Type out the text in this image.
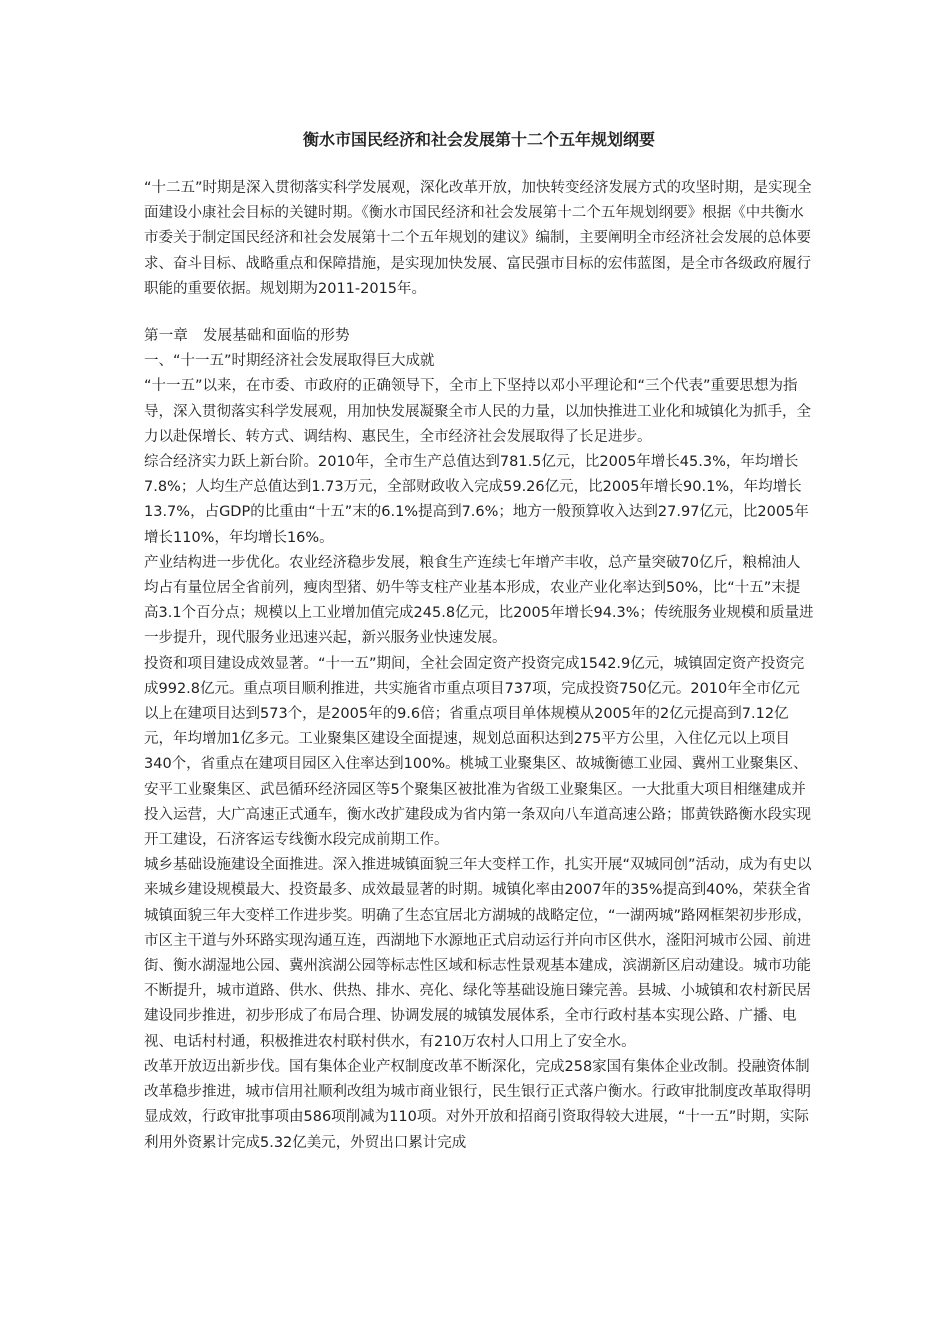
衡水市国民经济和社会发展第十二个五年规划纲要

“十二五”时期是深入贯彻落实科学发展观，深化改革开放，加快转变经济发展方式的攻坚时期，是实现全面建设小康社会目标的关键时期。《衡水市国民经济和社会发展第十二个五年规划纲要》根据《中共衡水市委关于制定国民经济和社会发展第十二个五年规划的建议》编制，主要阐明全市经济社会发展的总体要求、奋斗目标、战略重点和保障措施，是实现加快发展、富民强市目标的宏伟蓝图，是全市各级政府履行职能的重要依据。规划期为2011-2015年。

第一章　发展基础和面临的形势

一、“十一五”时期经济社会发展取得巨大成就

“十一五”以来，在市委、市政府的正确领导下，全市上下坚持以邓小平理论和“三个代表”重要思想为指导，深入贯彻落实科学发展观，用加快发展凝聚全市人民的力量，以加快推进工业化和城镇化为抓手，全力以赴保增长、转方式、调结构、惠民生，全市经济社会发展取得了长足进步。

综合经济实力跃上新台阶。2010年，全市生产总值达到781.5亿元，比2005年增长45.3%，年均增长7.8%；人均生产总值达到1.73万元，全部财政收入完成59.26亿元，比2005年增长90.1%，年均增长13.7%，占GDP的比重由“十五”末的6.1%提高到7.6%；地方一般预算收入达到27.97亿元，比2005年增长110%，年均增长16%。

产业结构进一步优化。农业经济稳步发展，粮食生产连续七年增产丰收，总产量突破70亿斤，粮棉油人均占有量位居全省前列，瘦肉型猪、奶牛等支柱产业基本形成，农业产业化率达到50%，比“十五”末提高3.1个百分点；规模以上工业增加值完成245.8亿元，比2005年增长94.3%；传统服务业规模和质量进一步提升，现代服务业迅速兴起，新兴服务业快速发展。

投资和项目建设成效显著。“十一五”期间，全社会固定资产投资完成1542.9亿元，城镇固定资产投资完成992.8亿元。重点项目顺利推进，共实施省市重点项目737项，完成投资750亿元。2010年全市亿元以上在建项目达到573个，是2005年的9.6倍；省重点项目单体规模从2005年的2亿元提高到7.12亿元，年均增加1亿多元。工业聚集区建设全面提速，规划总面积达到275平方公里，入住亿元以上项目340个，省重点在建项目园区入住率达到100%。桃城工业聚集区、故城衡德工业园、冀州工业聚集区、安平工业聚集区、武邑循环经济园区等5个聚集区被批准为省级工业聚集区。一大批重大项目相继建成并投入运营，大广高速正式通车，衡水改扩建段成为省内第一条双向八车道高速公路；邯黄铁路衡水段实现开工建设，石济客运专线衡水段完成前期工作。

城乡基础设施建设全面推进。深入推进城镇面貌三年大变样工作，扎实开展“双城同创”活动，成为有史以来城乡建设规模最大、投资最多、成效最显著的时期。城镇化率由2007年的35%提高到40%，荣获全省城镇面貌三年大变样工作进步奖。明确了生态宜居北方湖城的战略定位，“一湖两城”路网框架初步形成，市区主干道与外环路实现沟通互连，西湖地下水源地正式启动运行并向市区供水，滏阳河城市公园、前进街、衡水湖湿地公园、冀州滨湖公园等标志性区域和标志性景观基本建成，滨湖新区启动建设。城市功能不断提升，城市道路、供水、供热、排水、亮化、绿化等基础设施日臻完善。县城、小城镇和农村新民居建设同步推进，初步形成了布局合理、协调发展的城镇发展体系，全市行政村基本实现公路、广播、电视、电话村村通，积极推进农村联村供水，有210万农村人口用上了安全水。

改革开放迈出新步伐。国有集体企业产权制度改革不断深化，完成258家国有集体企业改制。投融资体制改革稳步推进，城市信用社顺利改组为城市商业银行，民生银行正式落户衡水。行政审批制度改革取得明显成效，行政审批事项由586项削减为110项。对外开放和招商引资取得较大进展，“十一五”时期，实际利用外资累计完成5.32亿美元，外贸出口累计完成
